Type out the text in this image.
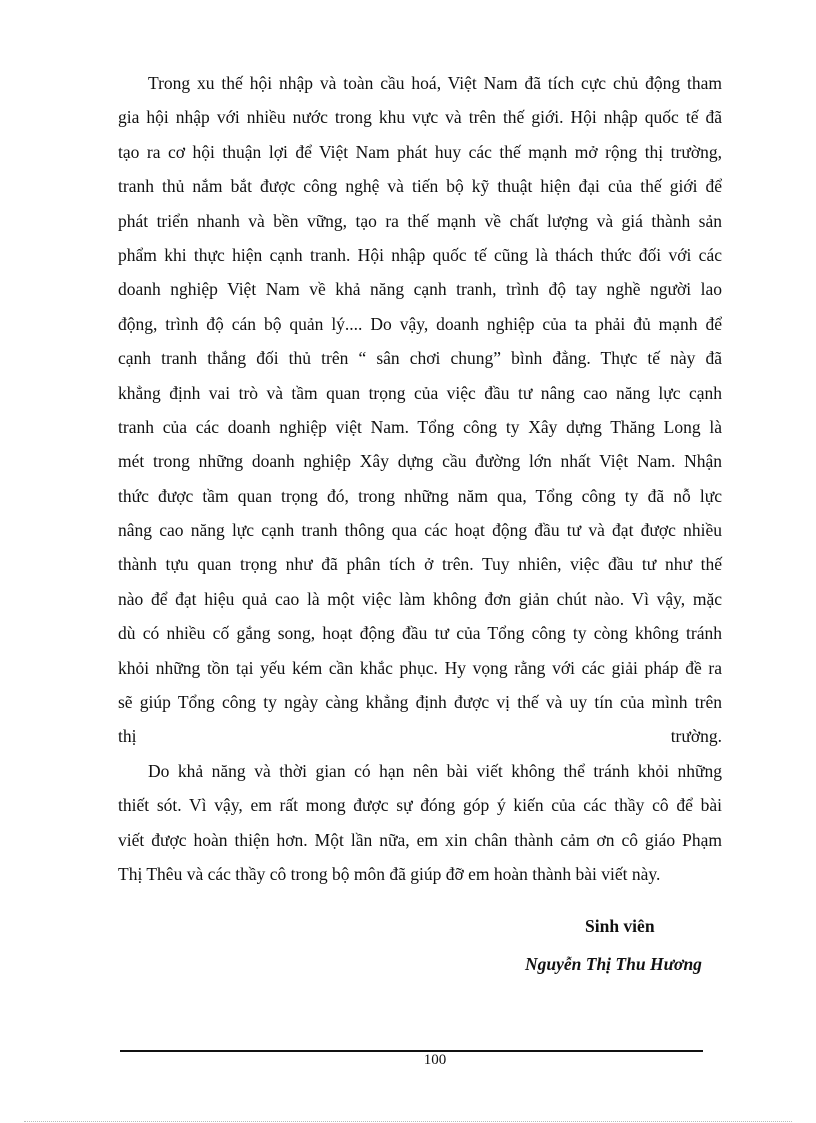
Trong xu thế hội nhập và toàn cầu hoá, Việt Nam đã tích cực chủ động tham
gia hội nhập với nhiều nước trong khu vực và trên thế giới. Hội nhập quốc tế đã
tạo ra cơ hội thuận lợi để Việt Nam phát huy các thế mạnh mở rộng thị trường,
tranh thủ nắm bắt được công nghệ và tiến bộ kỹ thuật hiện đại của thế giới để
phát triển nhanh và bền vững, tạo ra thế mạnh về chất lượng và giá thành sản
phẩm khi thực hiện cạnh tranh. Hội nhập quốc tế cũng là thách thức đối với các
doanh nghiệp Việt Nam về khả năng cạnh tranh, trình độ tay nghề người lao
động, trình độ cán bộ quản lý.... Do vậy, doanh nghiệp của ta phải đủ mạnh để
cạnh tranh thắng đối thủ trên “ sân chơi chung” bình đẳng. Thực tế này đã
khẳng định vai trò và tầm quan trọng của việc đầu tư nâng cao năng lực cạnh
tranh của các doanh nghiệp việt Nam. Tổng công ty Xây dựng Thăng Long là
mét trong những doanh nghiệp Xây dựng cầu đường lớn nhất Việt Nam. Nhận
thức được tầm quan trọng đó, trong những năm qua, Tổng công ty đã nỗ lực
nâng cao năng lực cạnh tranh thông qua các hoạt động đầu tư và đạt được nhiều
thành tựu quan trọng như đã phân tích ở trên. Tuy nhiên, việc đầu tư như thế
nào để đạt hiệu quả cao là một việc làm không đơn giản chút nào. Vì vậy, mặc
dù có nhiều cố gắng song, hoạt động đầu tư của Tổng công ty còng không tránh
khỏi những tồn tại yếu kém cần khắc phục. Hy vọng rằng với các giải pháp đề ra
sẽ giúp Tổng công ty ngày càng khẳng định được vị thế và uy tín của mình trên
thị	trường.
Do khả năng và thời gian có hạn nên bài viết không thể tránh khỏi những
thiết sót. Vì vậy, em rất mong được sự đóng góp ý kiến của các thầy cô để bài
viết được hoàn thiện hơn. Một lần nữa, em xin chân thành cảm ơn cô giáo Phạm
Thị Thêu và các thầy cô trong bộ môn đã giúp đỡ em hoàn thành bài viết này.
Sinh viên
Nguyễn Thị Thu Hương
100
